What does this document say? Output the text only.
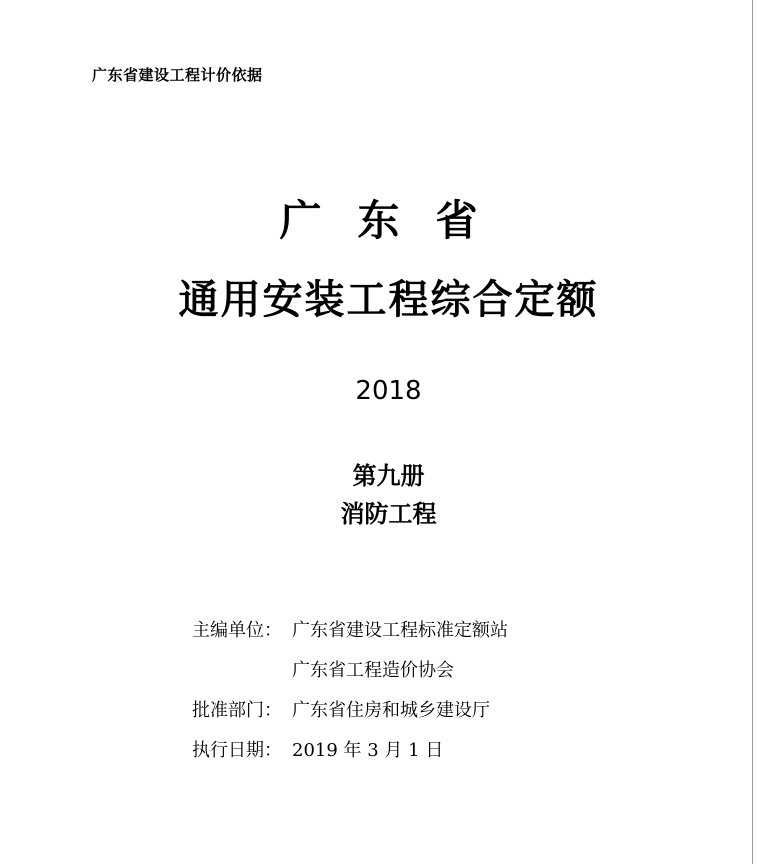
广东省建设工程计价依据
广东省
通用安装工程综合定额
2018
第九册
消防工程
主编单位： 广东省建设工程标准定额站
广东省工程造价协会
批准部门： 广东省住房和城乡建设厅
执行日期： 2019 年 3 月 1 日
